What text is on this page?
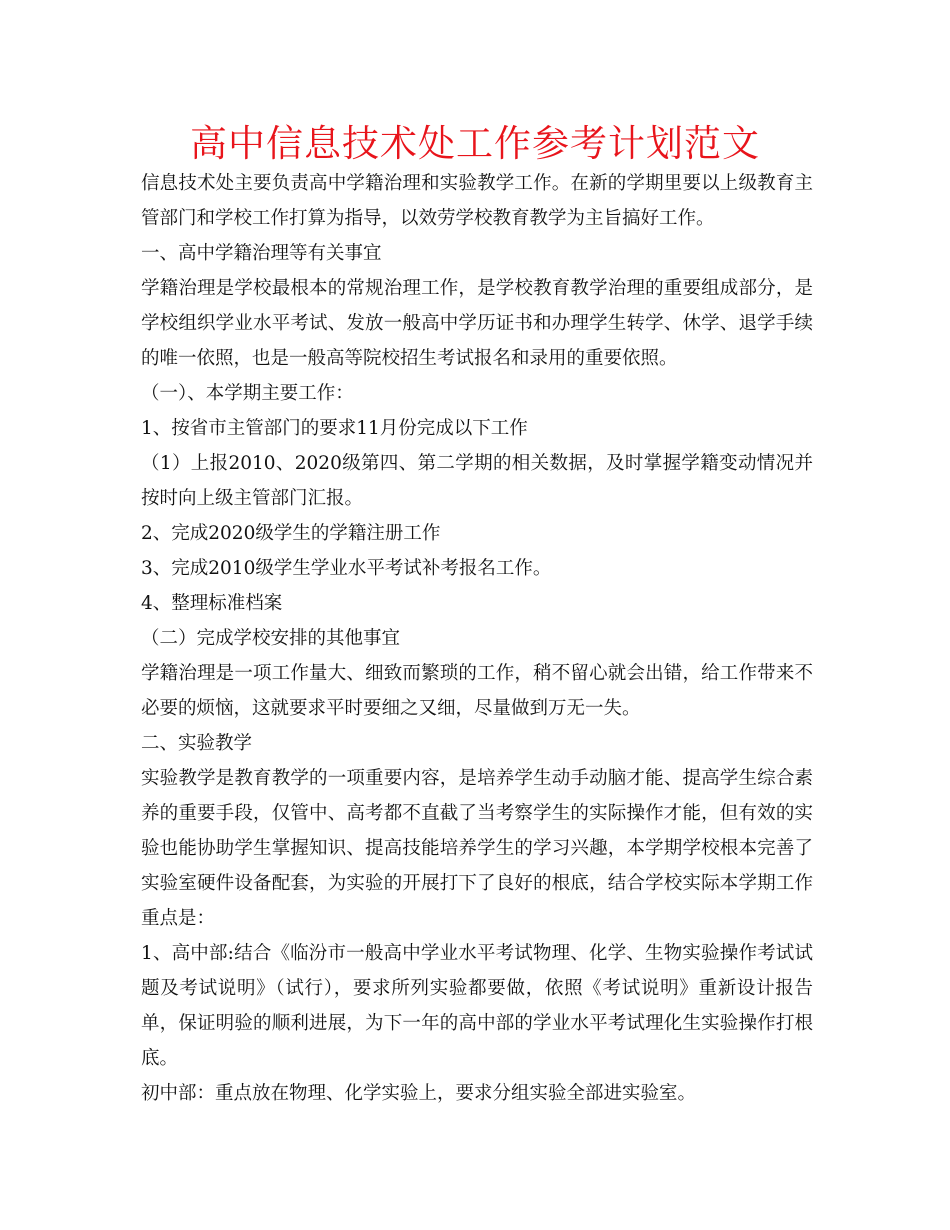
高中信息技术处工作参考计划范文

信息技术处主要负责高中学籍治理和实验教学工作。在新的学期里要以上级教育主管部门和学校工作打算为指导，以效劳学校教育教学为主旨搞好工作。

一、高中学籍治理等有关事宜

学籍治理是学校最根本的常规治理工作，是学校教育教学治理的重要组成部分，是学校组织学业水平考试、发放一般高中学历证书和办理学生转学、休学、退学手续的唯一依照，也是一般高等院校招生考试报名和录用的重要依照。

（一）、本学期主要工作：

1、按省市主管部门的要求11月份完成以下工作

（1）上报2010、2020级第四、第二学期的相关数据，及时掌握学籍变动情况并按时向上级主管部门汇报。

2、完成2020级学生的学籍注册工作

3、完成2010级学生学业水平考试补考报名工作。

4、整理标准档案

（二）完成学校安排的其他事宜

学籍治理是一项工作量大、细致而繁琐的工作，稍不留心就会出错，给工作带来不必要的烦恼，这就要求平时要细之又细，尽量做到万无一失。

二、实验教学

实验教学是教育教学的一项重要内容，是培养学生动手动脑才能、提高学生综合素养的重要手段，仅管中、高考都不直截了当考察学生的实际操作才能，但有效的实验也能协助学生掌握知识、提高技能培养学生的学习兴趣，本学期学校根本完善了实验室硬件设备配套，为实验的开展打下了良好的根底，结合学校实际本学期工作重点是：

1、高中部:结合《临汾市一般高中学业水平考试物理、化学、生物实验操作考试试题及考试说明》（试行），要求所列实验都要做，依照《考试说明》重新设计报告单，保证明验的顺利进展，为下一年的高中部的学业水平考试理化生实验操作打根底。

初中部：重点放在物理、化学实验上，要求分组实验全部进实验室。
